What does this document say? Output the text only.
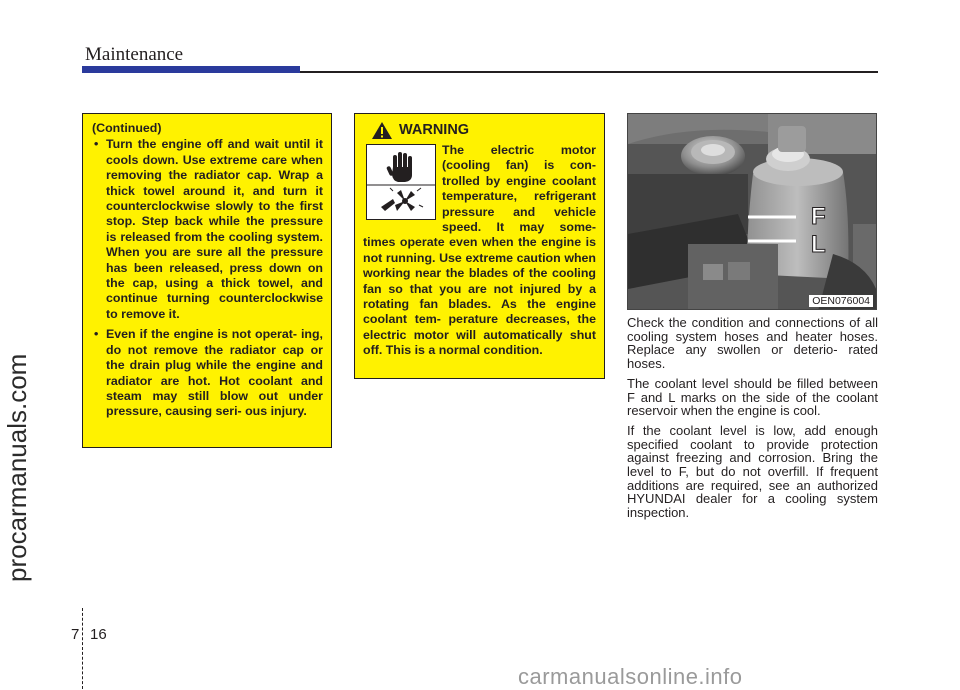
Maintenance
procarmanuals.com
(Continued)
• Turn the engine off and wait until it cools down. Use extreme care when removing the radiator cap. Wrap a thick towel around it, and turn it counterclockwise slowly to the first stop. Step back while the pressure is released from the cooling system. When you are sure all the pressure has been released, press down on the cap, using a thick towel, and continue turning counterclockwise to remove it.
• Even if the engine is not operat- ing, do not remove the radiator cap or the drain plug while the engine and radiator are hot. Hot coolant and steam may still blow out under pressure, causing seri- ous injury.
WARNING
The electric motor (cooling fan) is con- trolled by engine coolant temperature, refrigerant pressure and vehicle speed. It may some- times operate even when the engine is not running. Use extreme caution when working near the blades of the cooling fan so that you are not injured by a rotating fan blades. As the engine coolant tem- perature decreases, the electric motor will automatically shut off. This is a normal condition.
F
L
OEN076004

Check the condition and connections of all cooling system hoses and heater hoses. Replace any swollen or deterio- rated hoses.

The coolant level should be filled between F and L marks on the side of the coolant reservoir when the engine is cool.

If the coolant level is low, add enough specified coolant to provide protection against freezing and corrosion. Bring the level to F, but do not overfill. If frequent additions are required, see an authorized HYUNDAI dealer for a cooling system inspection.

7 16
carmanualsonline.info
